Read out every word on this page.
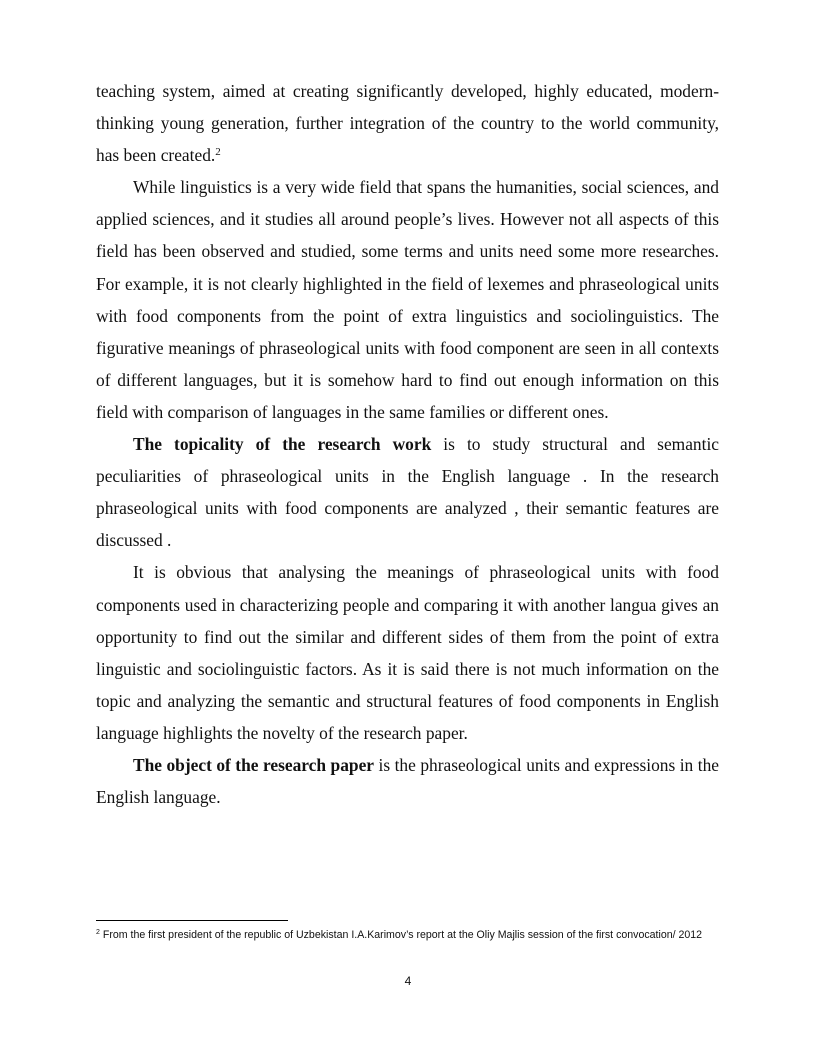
teaching system, aimed at creating significantly developed, highly educated, modern-thinking young generation, further integration of the country to the world community, has been created.$^2$

While linguistics is a very wide field that spans the humanities, social sciences, and applied sciences, and it studies all around people’s lives. However not all aspects of this field has been observed and studied, some terms and units need some more researches. For example, it is not clearly highlighted in the field of lexemes and phraseological units with food components from the point of extra linguistics and sociolinguistics. The figurative meanings of phraseological units with food component are seen in all contexts of different languages, but it is somehow hard to find out enough information on this field with comparison of languages in the same families or different ones.

The topicality of the research work is to study structural and semantic peculiarities of phraseological units in the English language . In the research phraseological units with food components are analyzed , their semantic features are discussed .

It is obvious that analysing the meanings of phraseological units with food components used in characterizing people and comparing it with another langua gives an opportunity to find out the similar and different sides of them from the point of extra linguistic and sociolinguistic factors. As it is said there is not much information on the topic and analyzing the semantic and structural features of food components in English language highlights the novelty of the research paper.

The object of the research paper is the phraseological units and expressions in the English language.

$^2$ From the first president of the republic of Uzbekistan I.A.Karimov’s report at the Oliy Majlis session of the first convocation/ 2012
4
